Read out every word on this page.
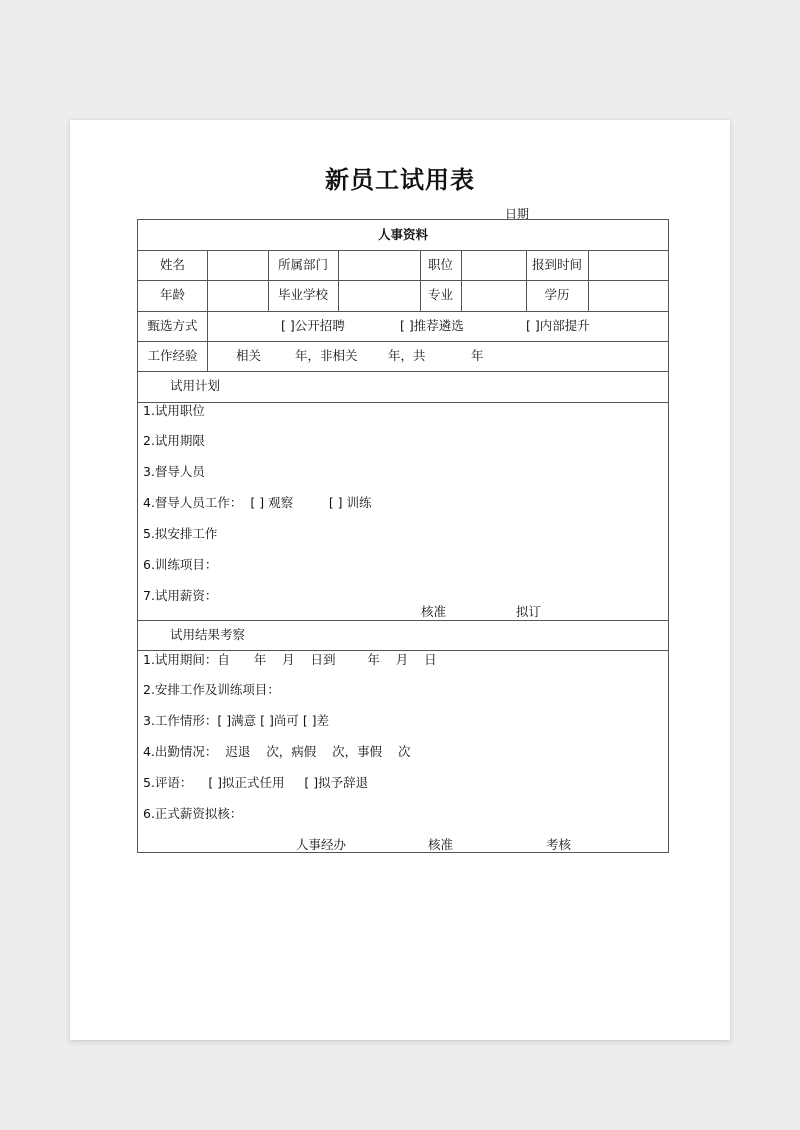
新员工试用表
日期
人事资料
姓名	所属部门	职位	报到时间
年龄	毕业学校	专业	学历
甄选方式	[ ]公开招聘	[ ]推荐遴选	[ ]内部提升
工作经验	相关	年，非相关 年，共	年
试用计划
1.试用职位
2.试用期限
3.督导人员
4.督导人员工作：  [ ] 观察         [ ] 训练
5.拟安排工作
6.训练项目：
7.试用薪资：
核准	拟订
试用结果考察
1.试用期间：自      年    月    日到        年    月    日
2.安排工作及训练项目：
3.工作情形：[ ]满意 [ ]尚可 [ ]差
4.出勤情况：  迟退    次，病假    次，事假    次
5.评语：    [ ]拟正式任用     [ ]拟予辞退
6.正式薪资拟核：
人事经办	核准	考核
